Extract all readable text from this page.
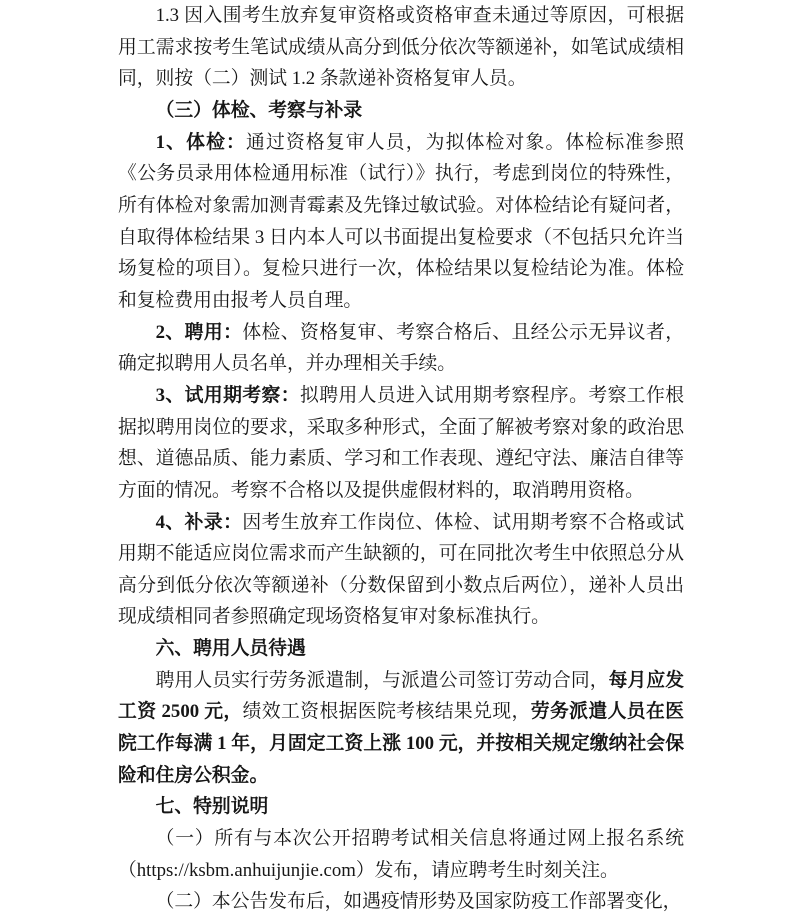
1.3 因入围考生放弃复审资格或资格审查未通过等原因，可根据用工需求按考生笔试成绩从高分到低分依次等额递补，如笔试成绩相同，则按（二）测试 1.2 条款递补资格复审人员。

（三）体检、考察与补录

1、体检：通过资格复审人员，为拟体检对象。体检标准参照《公务员录用体检通用标准（试行）》执行，考虑到岗位的特殊性，所有体检对象需加测青霉素及先锋过敏试验。对体检结论有疑问者，自取得体检结果 3 日内本人可以书面提出复检要求（不包括只允许当场复检的项目）。复检只进行一次，体检结果以复检结论为准。体检和复检费用由报考人员自理。

2、聘用：体检、资格复审、考察合格后、且经公示无异议者，确定拟聘用人员名单，并办理相关手续。

3、试用期考察：拟聘用人员进入试用期考察程序。考察工作根据拟聘用岗位的要求，采取多种形式，全面了解被考察对象的政治思想、道德品质、能力素质、学习和工作表现、遵纪守法、廉洁自律等方面的情况。考察不合格以及提供虚假材料的，取消聘用资格。

4、补录：因考生放弃工作岗位、体检、试用期考察不合格或试用期不能适应岗位需求而产生缺额的，可在同批次考生中依照总分从高分到低分依次等额递补（分数保留到小数点后两位），递补人员出现成绩相同者参照确定现场资格复审对象标准执行。

六、聘用人员待遇

聘用人员实行劳务派遣制，与派遣公司签订劳动合同，每月应发工资 2500 元，绩效工资根据医院考核结果兑现，劳务派遣人员在医院工作每满 1 年，月固定工资上涨 100 元，并按相关规定缴纳社会保险和住房公积金。

七、特别说明

（一）所有与本次公开招聘考试相关信息将通过网上报名系统（https://ksbm.anhuijunjie.com）发布，请应聘考生时刻关注。

（二）本公告发布后，如遇疫情形势及国家防疫工作部署变化，
